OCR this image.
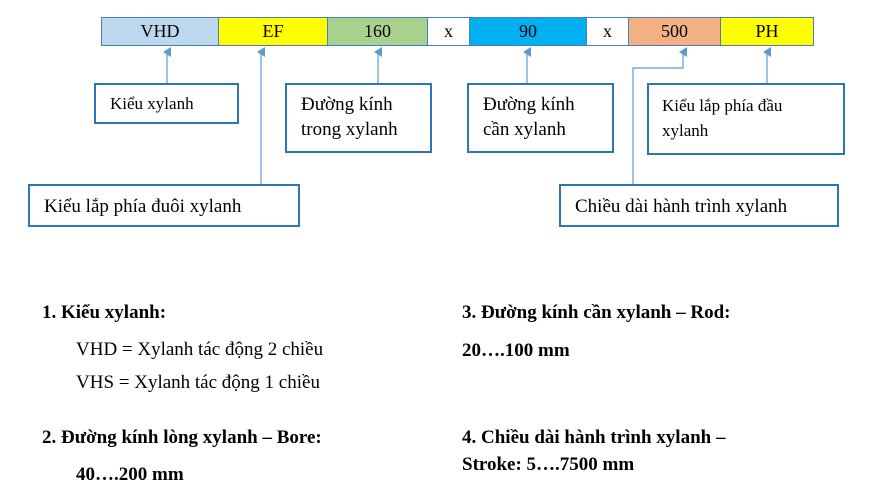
VHD	EF	160	x	90	x	500	PH
Kiểu xylanh	Đường kính
trong xylanh
Đường kính
cần xylanh
Kiểu lắp phía đầu
xylanh
Kiểu lắp phía đuôi xylanh	Chiều dài hành trình xylanh
1. Kiểu xylanh:
VHD = Xylanh tác động 2 chiều
VHS = Xylanh tác động 1 chiều
2. Đường kính lòng xylanh – Bore:
40….200 mm
3. Đường kính cần xylanh – Rod:
20….100 mm
4. Chiều dài hành trình xylanh –
Stroke: 5….7500 mm
